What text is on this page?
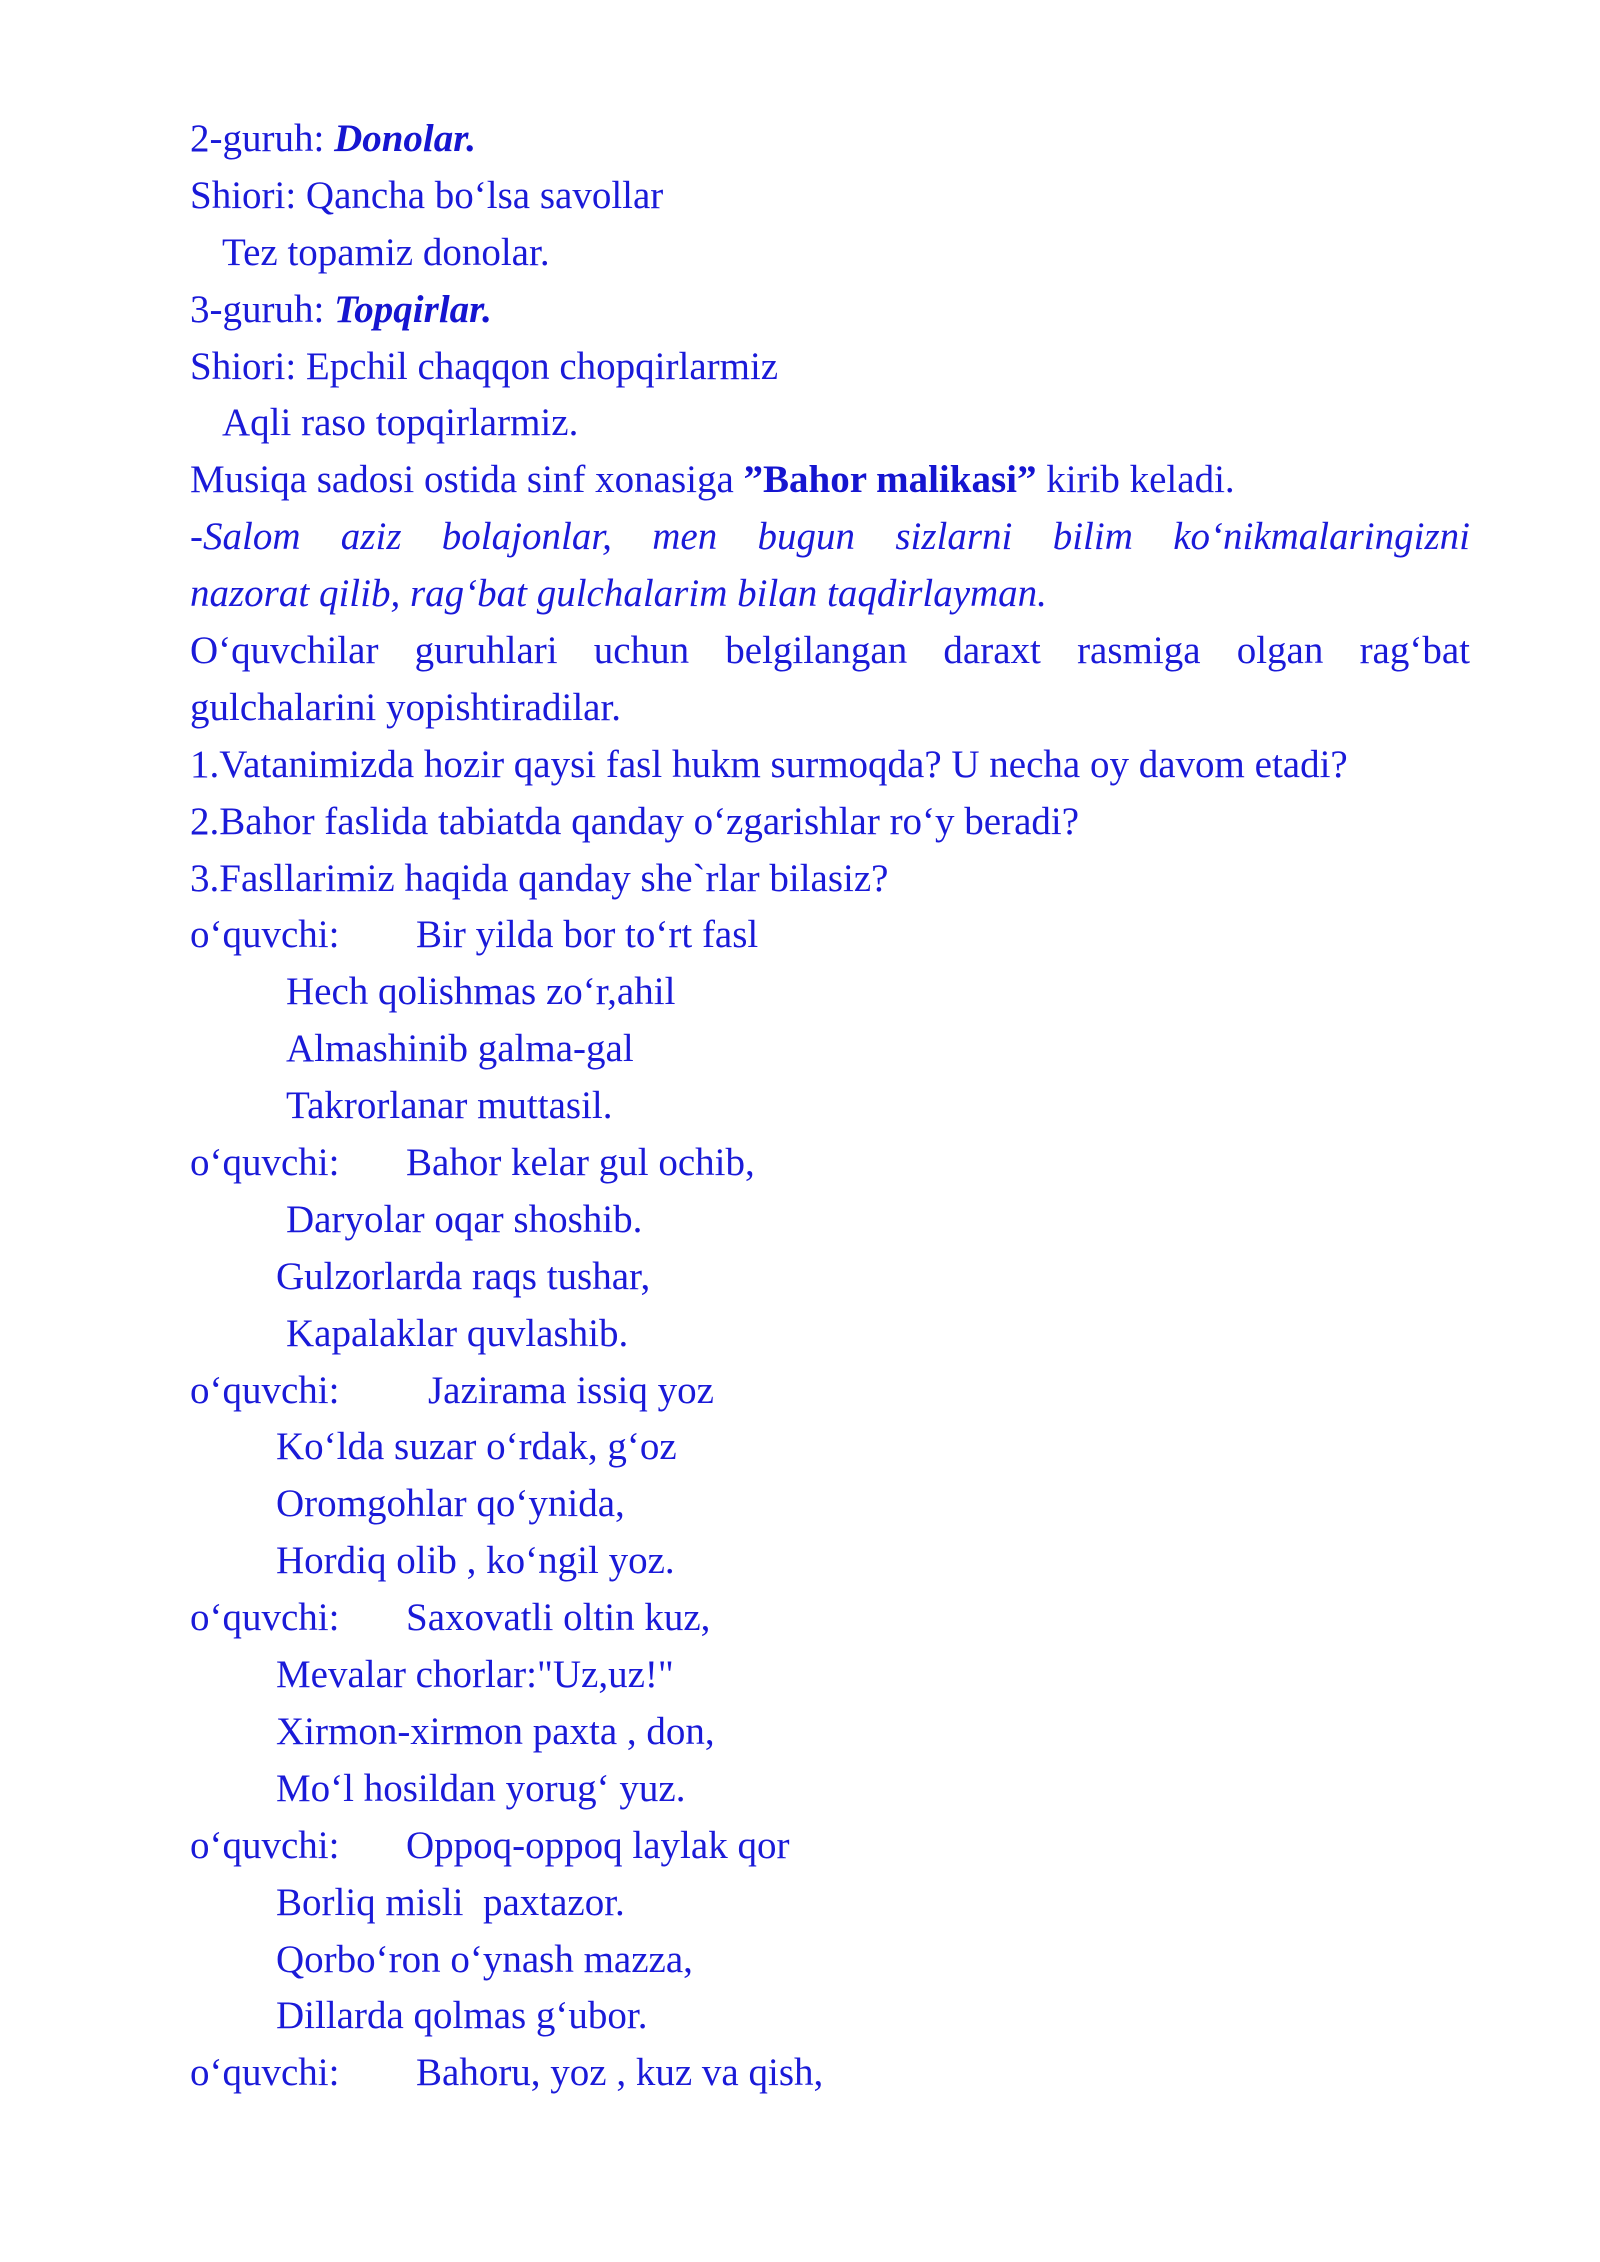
2-guruh: Donolar.
Shiori: Qancha bo‘lsa savollar
Tez topamiz donolar.
3-guruh: Topqirlar.
Shiori: Epchil chaqqon chopqirlarmiz
Aqli raso topqirlarmiz.
Musiqa sadosi ostida sinf xonasiga ”Bahor malikasi” kirib keladi.
-Salom aziz bolajonlar, men bugun sizlarni bilim ko‘nikmalaringizni
nazorat qilib, rag‘bat gulchalarim bilan taqdirlayman.
O‘quvchilar guruhlari uchun belgilangan daraxt rasmiga olgan rag‘bat
gulchalarini yopishtiradilar.
1.Vatanimizda hozir qaysi fasl hukm surmoqda? U necha oy davom etadi?
2.Bahor faslida tabiatda qanday o‘zgarishlar ro‘y beradi?
3.Fasllarimiz haqida qanday she`rlar bilasiz?
o‘quvchi: Bir yilda bor to‘rt fasl
Hech qolishmas zo‘r,ahil
Almashinib galma-gal
Takrorlanar muttasil.
o‘quvchi: Bahor kelar gul ochib,
Daryolar oqar shoshib.
Gulzorlarda raqs tushar,
Kapalaklar quvlashib.
o‘quvchi: Jazirama issiq yoz
Ko‘lda suzar o‘rdak, g‘oz
Oromgohlar qo‘ynida,
Hordiq olib , ko‘ngil yoz.
o‘quvchi: Saxovatli oltin kuz,
Mevalar chorlar:"Uz,uz!"
Xirmon-xirmon paxta , don,
Mo‘l hosildan yorug‘ yuz.
o‘quvchi: Oppoq-oppoq laylak qor
Borliq misli  paxtazor.
Qorbo‘ron o‘ynash mazza,
Dillarda qolmas g‘ubor.
o‘quvchi: Bahoru, yoz , kuz va qish,
